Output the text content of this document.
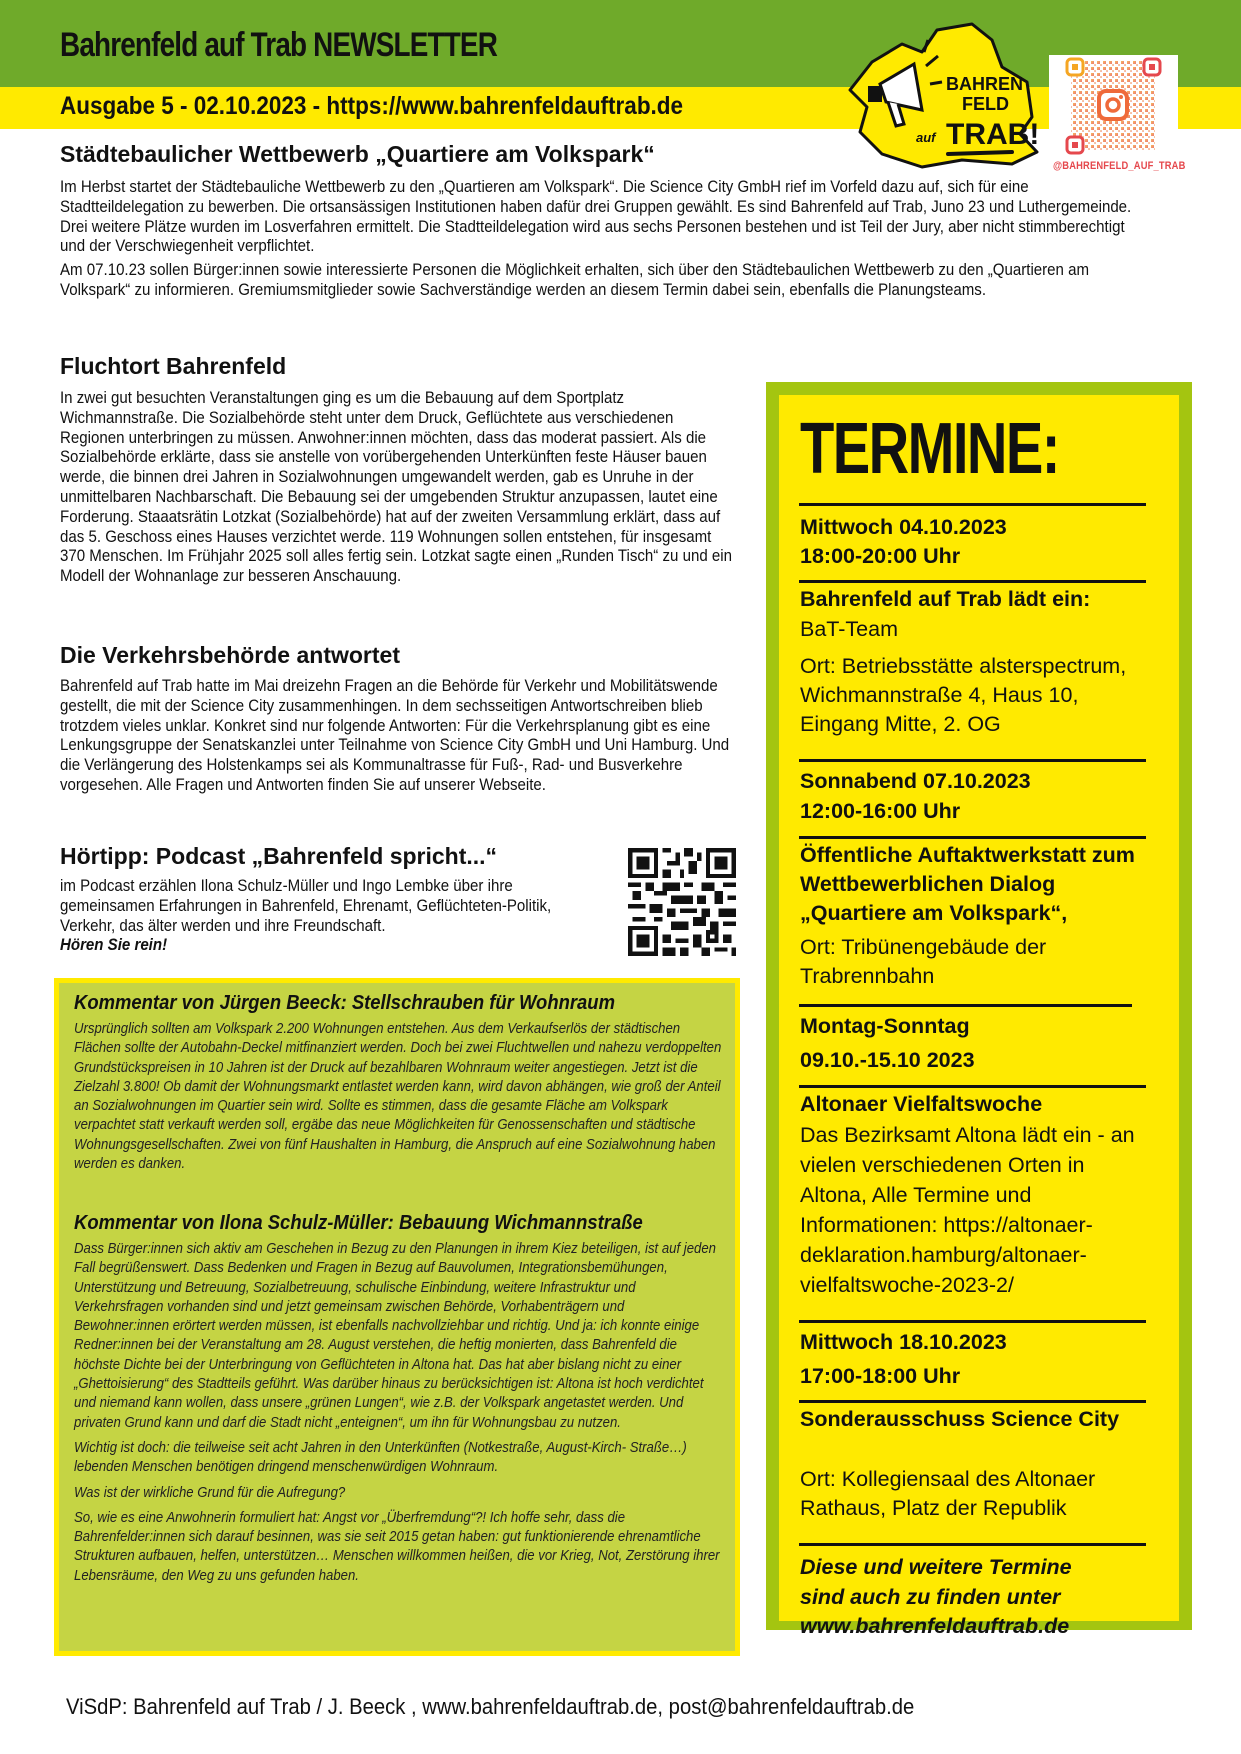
Bahrenfeld auf Trab NEWSLETTER
Ausgabe 5 - 02.10.2023 - https://www.bahrenfeldauftrab.de
BAHREN
FELD
auf TRAB!
@BAHRENFELD_AUF_TRAB
Städtebaulicher Wettbewerb „Quartiere am Volkspark“

Im Herbst startet der Städtebauliche Wettbewerb zu den „Quartieren am Volkspark“. Die Science City GmbH rief im Vorfeld dazu auf, sich für eine Stadtteildelegation zu bewerben. Die ortsansässigen Institutionen haben dafür drei Gruppen gewählt. Es sind Bahrenfeld auf Trab, Juno 23 und Luthergemeinde. Drei weitere Plätze wurden im Losverfahren ermittelt. Die Stadtteildelegation wird aus sechs Personen bestehen und ist Teil der Jury, aber nicht stimmberechtigt und der Verschwiegenheit verpflichtet.

Am 07.10.23 sollen Bürger:innen sowie interessierte Personen die Möglichkeit erhalten, sich über den Städtebaulichen Wettbewerb zu den „Quartieren am Volkspark“ zu informieren. Gremiumsmitglieder sowie Sachverständige werden an diesem Termin dabei sein, ebenfalls die Planungsteams.

Fluchtort Bahrenfeld

In zwei gut besuchten Veranstaltungen ging es um die Bebauung auf dem Sportplatz Wichmannstraße. Die Sozialbehörde steht unter dem Druck, Geflüchtete aus verschiedenen Regionen unterbringen zu müssen. Anwohner:innen möchten, dass das moderat passiert. Als die Sozialbehörde erklärte, dass sie anstelle von vorübergehenden Unterkünften feste Häuser bauen werde, die binnen drei Jahren in Sozialwohnungen umgewandelt werden, gab es Unruhe in der unmittelbaren Nachbarschaft. Die Bebauung sei der umgebenden Struktur anzupassen, lautet eine Forderung. Staaatsrätin Lotzkat (Sozialbehörde) hat auf der zweiten Versammlung erklärt, dass auf das 5. Geschoss eines Hauses verzichtet werde. 119 Wohnungen sollen entstehen, für insgesamt 370 Menschen. Im Frühjahr 2025 soll alles fertig sein. Lotzkat sagte einen „Runden Tisch“ zu und ein Modell der Wohnanlage zur besseren Anschauung.

Die Verkehrsbehörde antwortet

Bahrenfeld auf Trab hatte im Mai dreizehn Fragen an die Behörde für Verkehr und Mobilitätswende gestellt, die mit der Science City zusammenhingen. In dem sechsseitigen Antwortschreiben blieb trotzdem vieles unklar. Konkret sind nur folgende Antworten: Für die Verkehrsplanung gibt es eine Lenkungsgruppe der Senatskanzlei unter Teilnahme von Science City GmbH und Uni Hamburg. Und die Verlängerung des Holstenkamps sei als Kommunaltrasse für Fuß-, Rad- und Busverkehre vorgesehen. Alle Fragen und Antworten finden Sie auf unserer Webseite.

Hörtipp: Podcast „Bahrenfeld spricht...“

im Podcast erzählen Ilona Schulz-Müller und Ingo Lembke über ihre gemeinsamen Erfahrungen in Bahrenfeld, Ehrenamt, Geflüchteten-Politik, Verkehr, das älter werden und ihre Freundschaft.

Hören Sie rein!

Kommentar von Jürgen Beeck: Stellschrauben für Wohnraum

Ursprünglich sollten am Volkspark 2.200 Wohnungen entstehen. Aus dem Verkaufserlös der städtischen Flächen sollte der Autobahn-Deckel mitfinanziert werden. Doch bei zwei Fluchtwellen und nahezu verdoppelten Grundstückspreisen in 10 Jahren ist der Druck auf bezahlbaren Wohnraum weiter angestiegen. Jetzt ist die Zielzahl 3.800! Ob damit der Wohnungsmarkt entlastet werden kann, wird davon abhängen, wie groß der Anteil an Sozialwohnungen im Quartier sein wird. Sollte es stimmen, dass die gesamte Fläche am Volkspark verpachtet statt verkauft werden soll, ergäbe das neue Möglichkeiten für Genossenschaften und städtische Wohnungsgesellschaften. Zwei von fünf Haushalten in Hamburg, die Anspruch auf eine Sozialwohnung haben werden es danken.

Kommentar von Ilona Schulz-Müller: Bebauung Wichmannstraße

Dass Bürger:innen sich aktiv am Geschehen in Bezug zu den Planungen in ihrem Kiez beteiligen, ist auf jeden Fall begrüßenswert. Dass Bedenken und Fragen in Bezug auf Bauvolumen, Integrationsbemühungen, Unterstützung und Betreuung, Sozialbetreuung, schulische Einbindung, weitere Infrastruktur und Verkehrsfragen vorhanden sind und jetzt gemeinsam zwischen Behörde, Vorhabenträgern und Bewohner:innen erörtert werden müssen, ist ebenfalls nachvollziehbar und richtig. Und ja: ich konnte einige Redner:innen bei der Veranstaltung am 28. August verstehen, die heftig monierten, dass Bahrenfeld die höchste Dichte bei der Unterbringung von Geflüchteten in Altona hat. Das hat aber bislang nicht zu einer „Ghettoisierung“ des Stadtteils geführt. Was darüber hinaus zu berücksichtigen ist: Altona ist hoch verdichtet und niemand kann wollen, dass unsere „grünen Lungen“, wie z.B. der Volkspark angetastet werden. Und privaten Grund kann und darf die Stadt nicht „enteignen“, um ihn für Wohnungsbau zu nutzen.

Wichtig ist doch: die teilweise seit acht Jahren in den Unterkünften (Notkestraße, August-Kirch- Straße…) lebenden Menschen benötigen dringend menschenwürdigen Wohnraum.

Was ist der wirkliche Grund für die Aufregung?

So, wie es eine Anwohnerin formuliert hat: Angst vor „Überfremdung“?! Ich hoffe sehr, dass die Bahrenfelder:innen sich darauf besinnen, was sie seit 2015 getan haben: gut funktionierende ehrenamtliche Strukturen aufbauen, helfen, unterstützen… Menschen willkommen heißen, die vor Krieg, Not, Zerstörung ihrer Lebensräume, den Weg zu uns gefunden haben.

TERMINE:
Mittwoch 04.10.2023
18:00-20:00 Uhr
Bahrenfeld auf Trab lädt ein:
BaT-Team
Ort: Betriebsstätte alsterspectrum, Wichmannstraße 4, Haus 10, Eingang Mitte, 2. OG
Sonnabend 07.10.2023
12:00-16:00 Uhr
Öffentliche Auftaktwerkstatt zum Wettbewerblichen Dialog „Quartiere am Volkspark“,
Ort: Tribünengebäude der Trabrennbahn
Montag-Sonntag
09.10.-15.10 2023
Altonaer Vielfaltswoche
Das Bezirksamt Altona lädt ein - an vielen verschiedenen Orten in Altona, Alle Termine und Informationen: https://altonaer-deklaration.hamburg/altonaer-vielfaltswoche-2023-2/
Mittwoch 18.10.2023
17:00-18:00 Uhr
Sonderausschuss Science City
Ort: Kollegiensaal des Altonaer Rathaus, Platz der Republik
Diese und weitere Termine
sind auch zu finden unter
www.bahrenfeldauftrab.de
ViSdP: Bahrenfeld auf Trab / J. Beeck , www.bahrenfeldauftrab.de, post@bahrenfeldauftrab.de
